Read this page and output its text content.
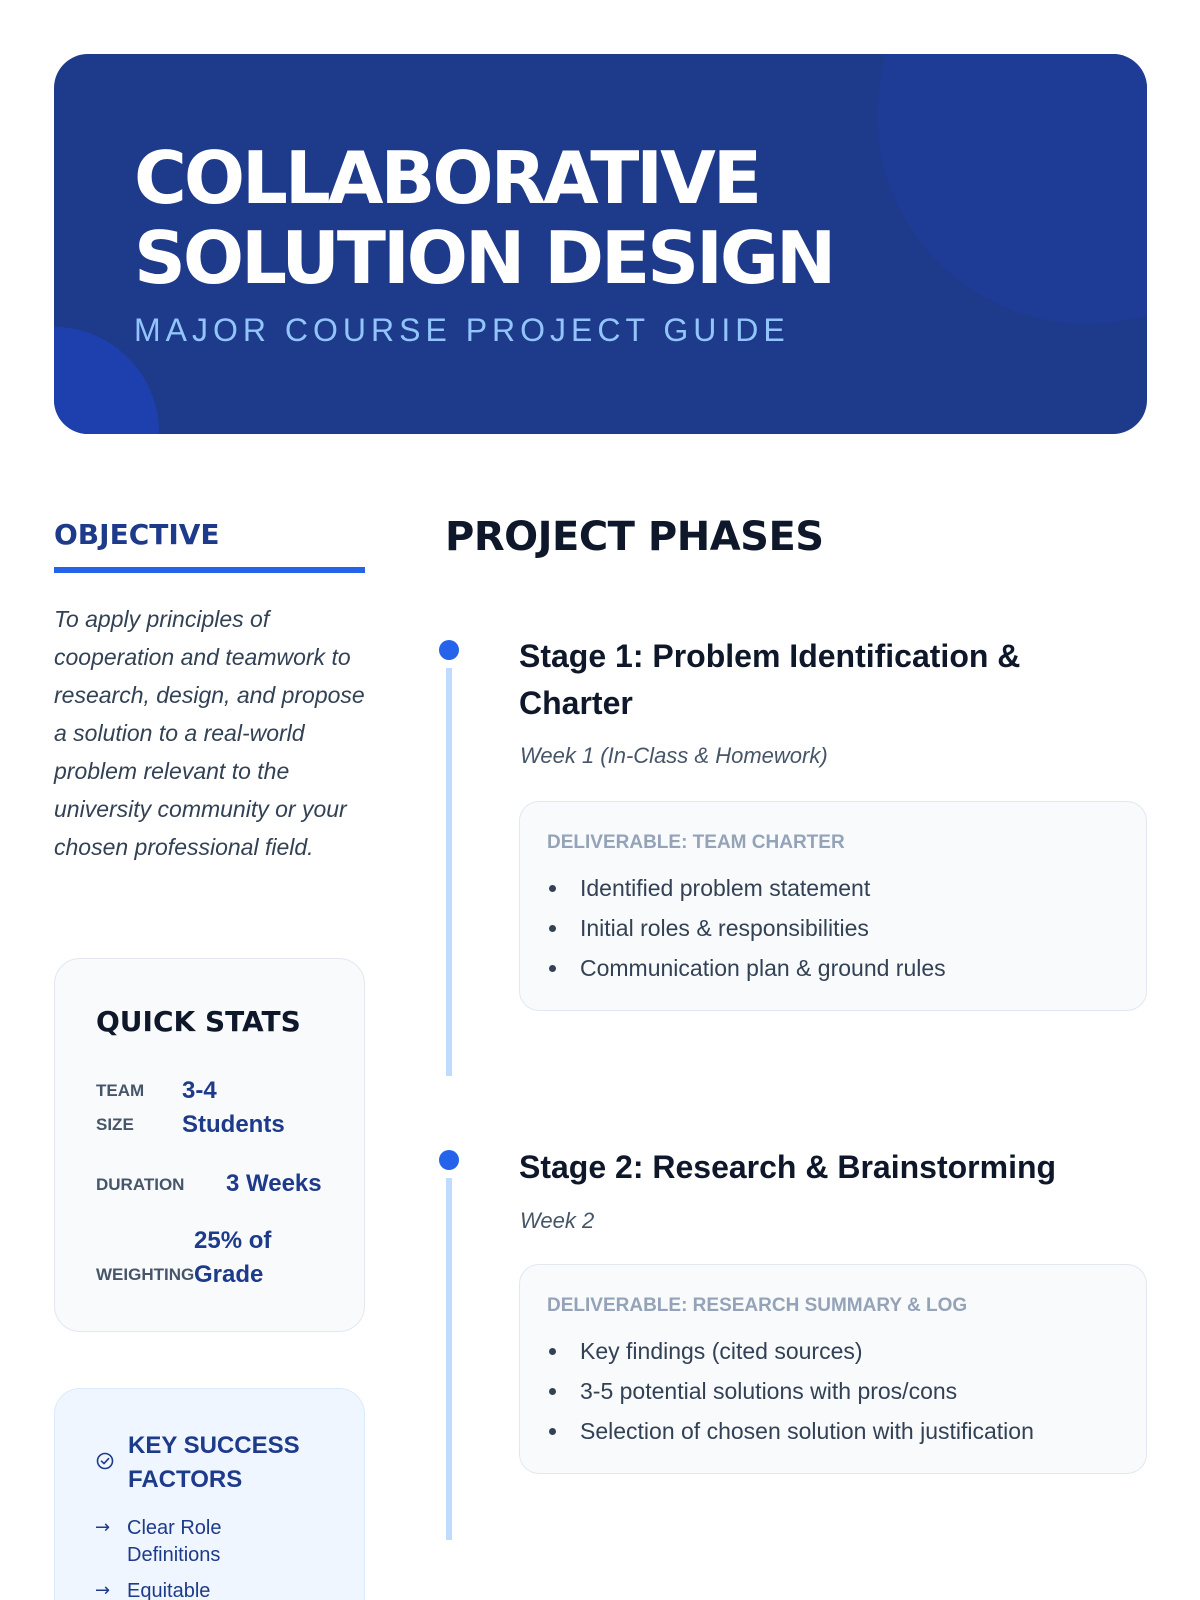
COLLABORATIVE
SOLUTION DESIGN
MAJOR COURSE PROJECT GUIDE
OBJECTIVE
To apply principles of cooperation and teamwork to research, design, and propose a solution to a real-world problem relevant to the university community or your chosen professional field.
QUICK STATS
TEAM
SIZE
3-4
Students
DURATION 3 Weeks
WEIGHTING
25% of
Grade
KEY SUCCESS FACTORS
→ Clear Role Definitions
→ Equitable
PROJECT PHASES
Stage 1: Problem Identification & Charter
Week 1 (In-Class & Homework)
DELIVERABLE: TEAM CHARTER
Identified problem statement
Initial roles & responsibilities
Communication plan & ground rules
Stage 2: Research & Brainstorming
Week 2
DELIVERABLE: RESEARCH SUMMARY & LOG
Key findings (cited sources)
3-5 potential solutions with pros/cons
Selection of chosen solution with justification
